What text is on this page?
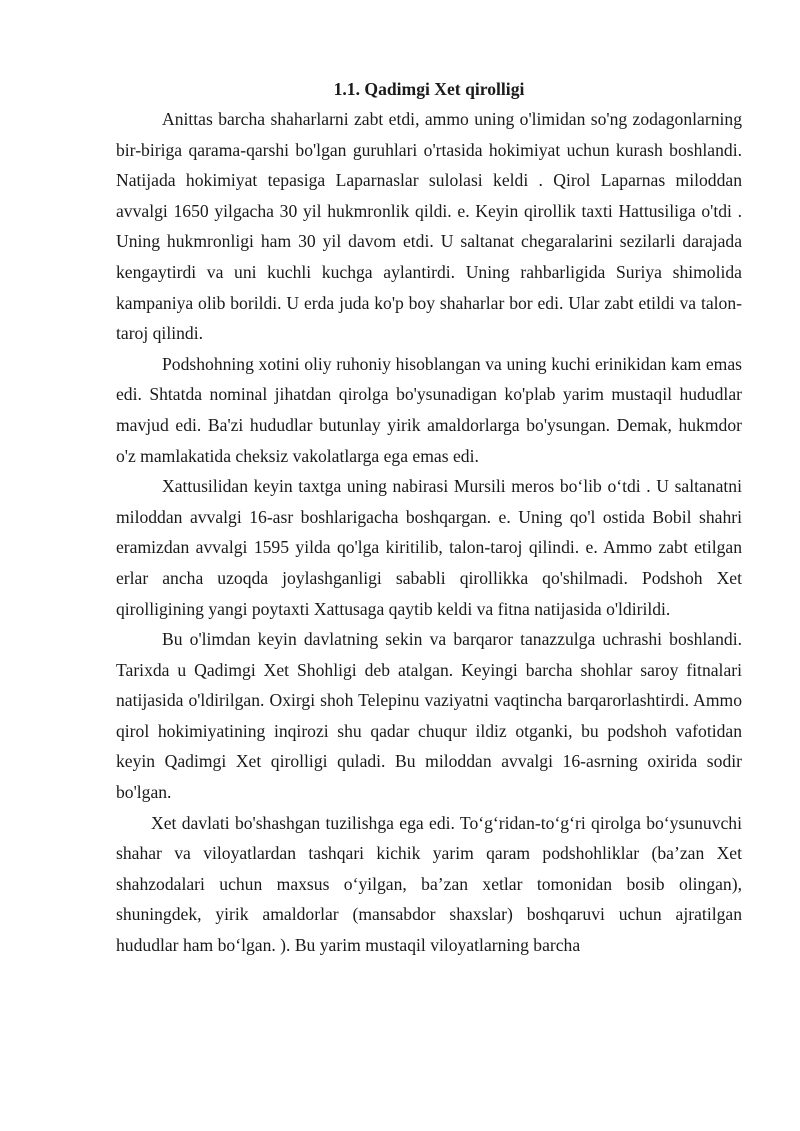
1.1. Qadimgi Xet qirolligi

Anittas barcha shaharlarni zabt etdi, ammo uning o'limidan so'ng zodagonlarning bir-biriga qarama-qarshi bo'lgan guruhlari o'rtasida hokimiyat uchun kurash boshlandi. Natijada hokimiyat tepasiga Laparnaslar sulolasi keldi . Qirol Laparnas miloddan avvalgi 1650 yilgacha 30 yil hukmronlik qildi. e. Keyin qirollik taxti Hattusiliga o'tdi . Uning hukmronligi ham 30 yil davom etdi. U saltanat chegaralarini sezilarli darajada kengaytirdi va uni kuchli kuchga aylantirdi. Uning rahbarligida Suriya shimolida kampaniya olib borildi. U erda juda ko'p boy shaharlar bor edi. Ular zabt etildi va talon-taroj qilindi.

Podshohning xotini oliy ruhoniy hisoblangan va uning kuchi erinikidan kam emas edi. Shtatda nominal jihatdan qirolga bo'ysunadigan ko'plab yarim mustaqil hududlar mavjud edi. Ba'zi hududlar butunlay yirik amaldorlarga bo'ysungan. Demak, hukmdor o'z mamlakatida cheksiz vakolatlarga ega emas edi.

Xattusilidan keyin taxtga uning nabirasi Mursili meros bo‘lib o‘tdi . U saltanatni miloddan avvalgi 16-asr boshlarigacha boshqargan. e. Uning qo'l ostida Bobil shahri eramizdan avvalgi 1595 yilda qo'lga kiritilib, talon-taroj qilindi. e. Ammo zabt etilgan erlar ancha uzoqda joylashganligi sababli qirollikka qo'shilmadi. Podshoh Xet qirolligining yangi poytaxti Xattusaga qaytib keldi va fitna natijasida o'ldirildi.

Bu o'limdan keyin davlatning sekin va barqaror tanazzulga uchrashi boshlandi. Tarixda u Qadimgi Xet Shohligi deb atalgan. Keyingi barcha shohlar saroy fitnalari natijasida o'ldirilgan. Oxirgi shoh Telepinu vaziyatni vaqtincha barqarorlashtirdi. Ammo qirol hokimiyatining inqirozi shu qadar chuqur ildiz otganki, bu podshoh vafotidan keyin Qadimgi Xet qirolligi quladi. Bu miloddan avvalgi 16-asrning oxirida sodir bo'lgan.

Xet davlati bo'shashgan tuzilishga ega edi. To‘g‘ridan-to‘g‘ri qirolga bo‘ysunuvchi shahar va viloyatlardan tashqari kichik yarim qaram podshohliklar (ba’zan Xet shahzodalari uchun maxsus o‘yilgan, ba’zan xetlar tomonidan bosib olingan), shuningdek, yirik amaldorlar (mansabdor shaxslar) boshqaruvi uchun ajratilgan hududlar ham bo‘lgan. ). Bu yarim mustaqil viloyatlarning barcha
